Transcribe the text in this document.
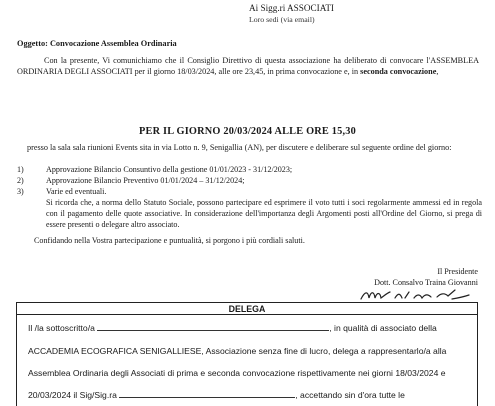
Ai Sigg.ri ASSOCIATI
Loro sedi (via email)
Oggetto: Convocazione Assemblea Ordinaria
Con la presente, Vi comunichiamo che il Consiglio Direttivo di questa associazione ha deliberato di convocare l'ASSEMBLEA ORDINARIA DEGLI ASSOCIATI per il giorno 18/03/2024, alle ore 23,45, in prima convocazione e, in seconda convocazione,
PER IL GIORNO 20/03/2024 ALLE ORE 15,30
presso la sala sala riunioni Events sita in via Lotto n. 9, Senigallia (AN), per discutere e deliberare sul seguente ordine del giorno:
1)	Approvazione Bilancio Consuntivo della gestione 01/01/2023 - 31/12/2023;
2)	Approvazione Bilancio Preventivo 01/01/2024 – 31/12/2024;
3)	Varie ed eventuali.
Si ricorda che, a norma dello Statuto Sociale, possono partecipare ed esprimere il voto tutti i soci regolarmente ammessi ed in regola con il pagamento delle quote associative. In considerazione dell'importanza degli Argomenti posti all'Ordine del Giorno, si prega di essere presenti o delegare altro associato.
Confidando nella Vostra partecipazione e puntualità, si porgono i più cordiali saluti.
Il Presidente
Dott. Consalvo Traina Giovanni
DELEGA
Il /la sottoscritto/a	, in qualità di associato della
ACCADEMIA ECOGRAFICA SENIGALLIESE, Associazione senza fine di lucro, delega a rappresentarlo/a alla
Assemblea Ordinaria degli Associati di prima e seconda convocazione rispettivamente nei giorni 18/03/2024 e
20/03/2024 il Sig/Sig.ra	, accettando sin d'ora tutte le
